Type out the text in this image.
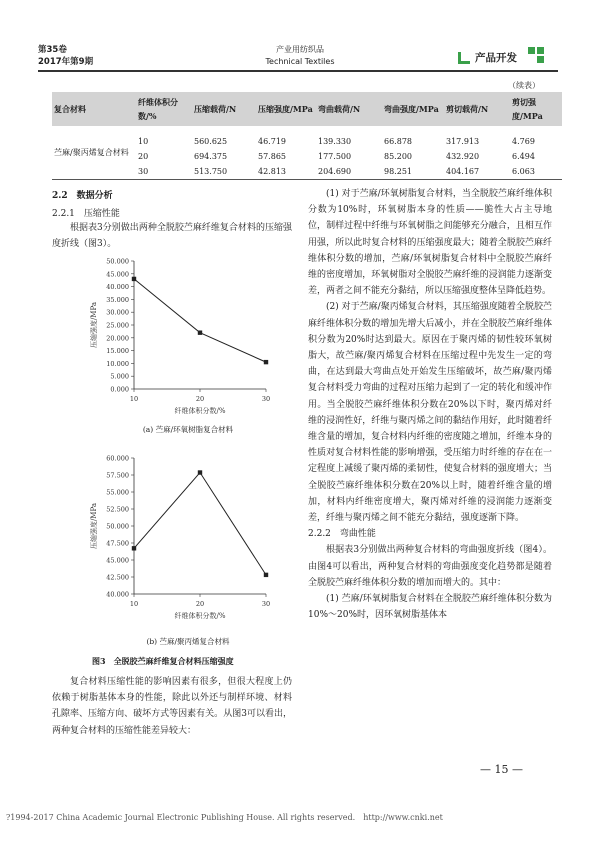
第35卷
2017年第9期
产业用纺织品
Technical Textiles	产品开发
（续表）
复合材料	纤维体积分数/%	压缩载荷/N	压缩强度/MPa	弯曲载荷/N	弯曲强度/MPa	剪切载荷/N	剪切强度/MPa
苎麻/聚丙烯复合材料	10	560.625	46.719	139.330	66.878	317.913	4.769
	20	694.375	57.865	177.500	85.200	432.920	6.494
	30	513.750	42.813	204.690	98.251	404.167	6.063
2.2　数据分析
2.2.1　压缩性能

根据表3分别做出两种全脱胶苎麻纤维复合材料的压缩强度折线（图3）。

0.000
5.000
10.000
15.000
20.000
25.000
30.000
35.000
40.000
45.000
50.000
10	20	30
纤维体积分数/%
压缩强度/MPa
(a) 苎麻/环氧树脂复合材料
40.000
42.500
45.000
47.500
50.000
52.500
55.000
57.500
60.000
10	20	30
纤维体积分数/%
压缩强度/MPa
(b) 苎麻/聚丙烯复合材料
图3　全脱胶苎麻纤维复合材料压缩强度

复合材料压缩性能的影响因素有很多，但很大程度上仍依赖于树脂基体本身的性能，除此以外还与制样环境、材料孔隙率、压缩方向、破坏方式等因素有关。从图3可以看出，两种复合材料的压缩性能差异较大：

(1) 对于苎麻/环氧树脂复合材料，当全脱胶苎麻纤维体积分数为10%时，环氧树脂本身的性质——脆性大占主导地位，制样过程中纤维与环氧树脂之间能够充分融合，且相互作用强，所以此时复合材料的压缩强度最大；随着全脱胶苎麻纤维体积分数的增加，苎麻/环氧树脂复合材料中全脱胶苎麻纤维的密度增加，环氧树脂对全脱胶苎麻纤维的浸润能力逐渐变差，两者之间不能充分黏结，所以压缩强度整体呈降低趋势。

(2) 对于苎麻/聚丙烯复合材料，其压缩强度随着全脱胶苎麻纤维体积分数的增加先增大后减小，并在全脱胶苎麻纤维体积分数为20%时达到最大。原因在于聚丙烯的韧性较环氧树脂大，故苎麻/聚丙烯复合材料在压缩过程中先发生一定的弯曲，在达到最大弯曲点处开始发生压缩破坏，故苎麻/聚丙烯复合材料受力弯曲的过程对压缩力起到了一定的转化和缓冲作用。当全脱胶苎麻纤维体积分数在20%以下时，聚丙烯对纤维的浸润性好，纤维与聚丙烯之间的黏结作用好，此时随着纤维含量的增加，复合材料内纤维的密度随之增加，纤维本身的性质对复合材料性能的影响增强，受压缩力时纤维的存在在一定程度上减缓了聚丙烯的柔韧性，使复合材料的强度增大；当全脱胶苎麻纤维体积分数在20%以上时，随着纤维含量的增加，材料内纤维密度增大，聚丙烯对纤维的浸润能力逐渐变差，纤维与聚丙烯之间不能充分黏结，强度逐渐下降。

2.2.2　弯曲性能

根据表3分别做出两种复合材料的弯曲强度折线（图4）。由图4可以看出，两种复合材料的弯曲强度变化趋势都是随着全脱胶苎麻纤维体积分数的增加而增大的。其中：

(1) 苎麻/环氧树脂复合材料在全脱胶苎麻纤维体积分数为10%～20%时，因环氧树脂基体本

— 15 —
?1994-2017 China Academic Journal Electronic Publishing House. All rights reserved.　http://www.cnki.net
